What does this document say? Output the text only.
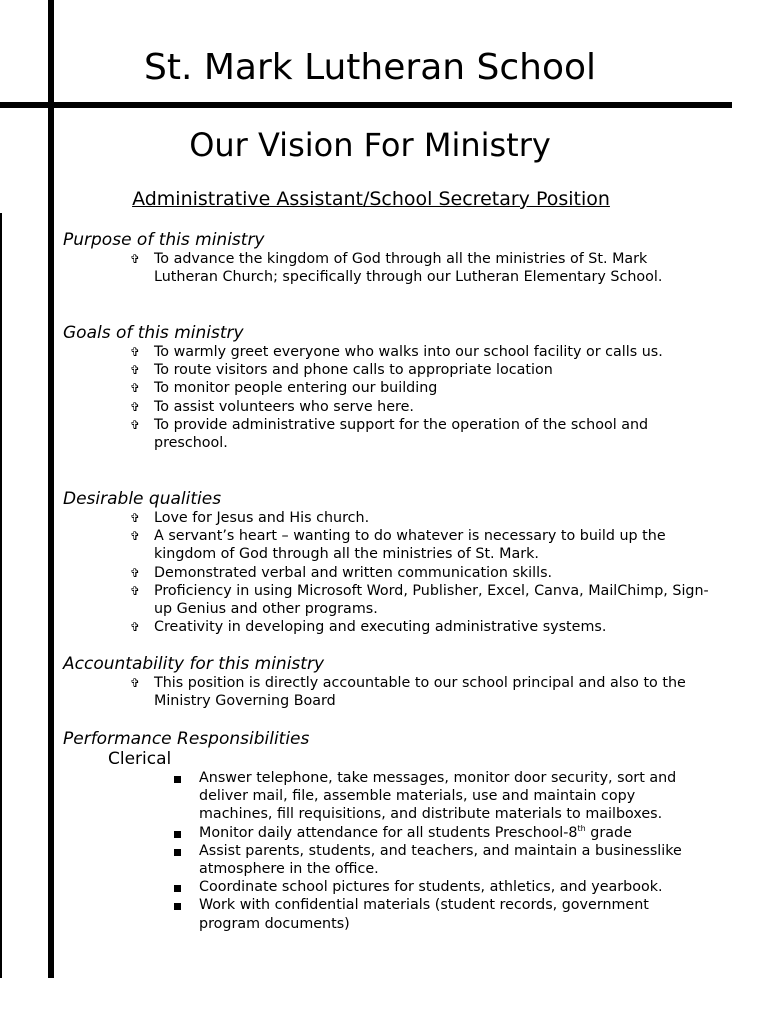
St. Mark Lutheran School
Our Vision For Ministry
Administrative Assistant/School Secretary Position

Purpose of this ministry

✞ To advance the kingdom of God through all the ministries of St. Mark Lutheran Church; specifically through our Lutheran Elementary School.

Goals of this ministry

✞ To warmly greet everyone who walks into our school facility or calls us.
✞ To route visitors and phone calls to appropriate location
✞ To monitor people entering our building
✞ To assist volunteers who serve here.
✞ To provide administrative support for the operation of the school and preschool.

Desirable qualities

✞ Love for Jesus and His church.
✞ A servant’s heart – wanting to do whatever is necessary to build up the kingdom of God through all the ministries of St. Mark.
✞ Demonstrated verbal and written communication skills.
✞ Proficiency in using Microsoft Word, Publisher, Excel, Canva, MailChimp, Sign-up Genius and other programs.
✞ Creativity in developing and executing administrative systems.

Accountability for this ministry

✞ This position is directly accountable to our school principal and also to the Ministry Governing Board

Performance Responsibilities

Clerical

Answer telephone, take messages, monitor door security, sort and deliver mail, file, assemble materials, use and maintain copy machines, fill requisitions, and distribute materials to mailboxes.
Monitor daily attendance for all students Preschool-8th grade
Assist parents, students, and teachers, and maintain a businesslike atmosphere in the office.
Coordinate school pictures for students, athletics, and yearbook.
Work with confidential materials (student records, government program documents)
